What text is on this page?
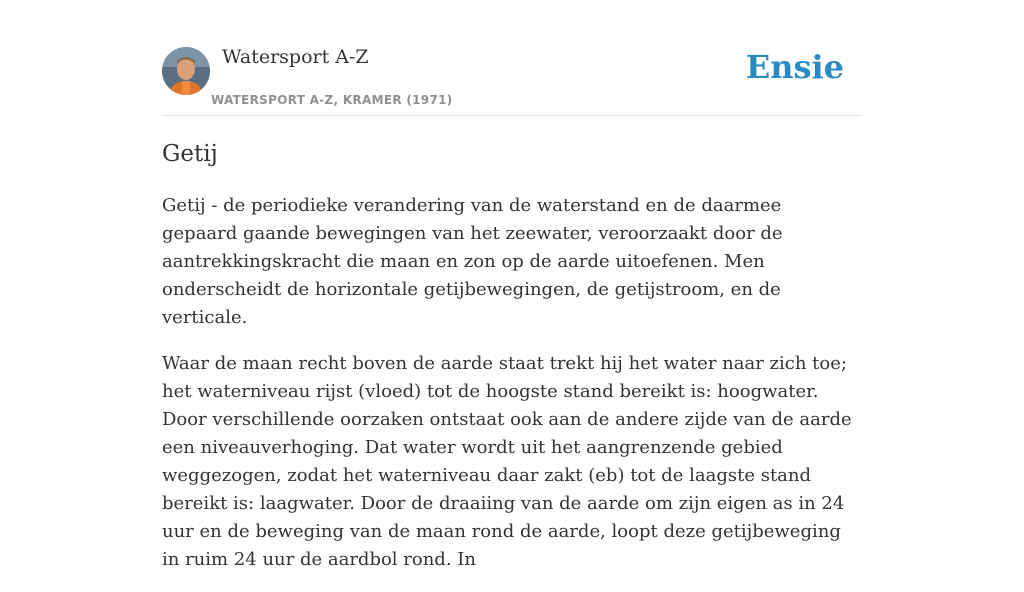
Watersport A-Z
WATERSPORT A-Z, KRAMER (1971)
Ensie
Getij

Getij - de periodieke verandering van de waterstand en de daarmee gepaard gaande bewegingen van het zeewater, veroorzaakt door de aantrekkingskracht die maan en zon op de aarde uitoefenen. Men onderscheidt de horizontale getijbewegingen, de getijstroom, en de verticale.

Waar de maan recht boven de aarde staat trekt hij het water naar zich toe; het waterniveau rijst (vloed) tot de hoogste stand bereikt is: hoogwater. Door verschillende oorzaken ontstaat ook aan de andere zijde van de aarde een niveauverhoging. Dat water wordt uit het aangrenzende gebied weggezogen, zodat het waterniveau daar zakt (eb) tot de laagste stand bereikt is: laagwater. Door de draaiing van de aarde om zijn eigen as in 24 uur en de beweging van de maan rond de aarde, loopt deze getijbeweging in ruim 24 uur de aardbol rond. In
